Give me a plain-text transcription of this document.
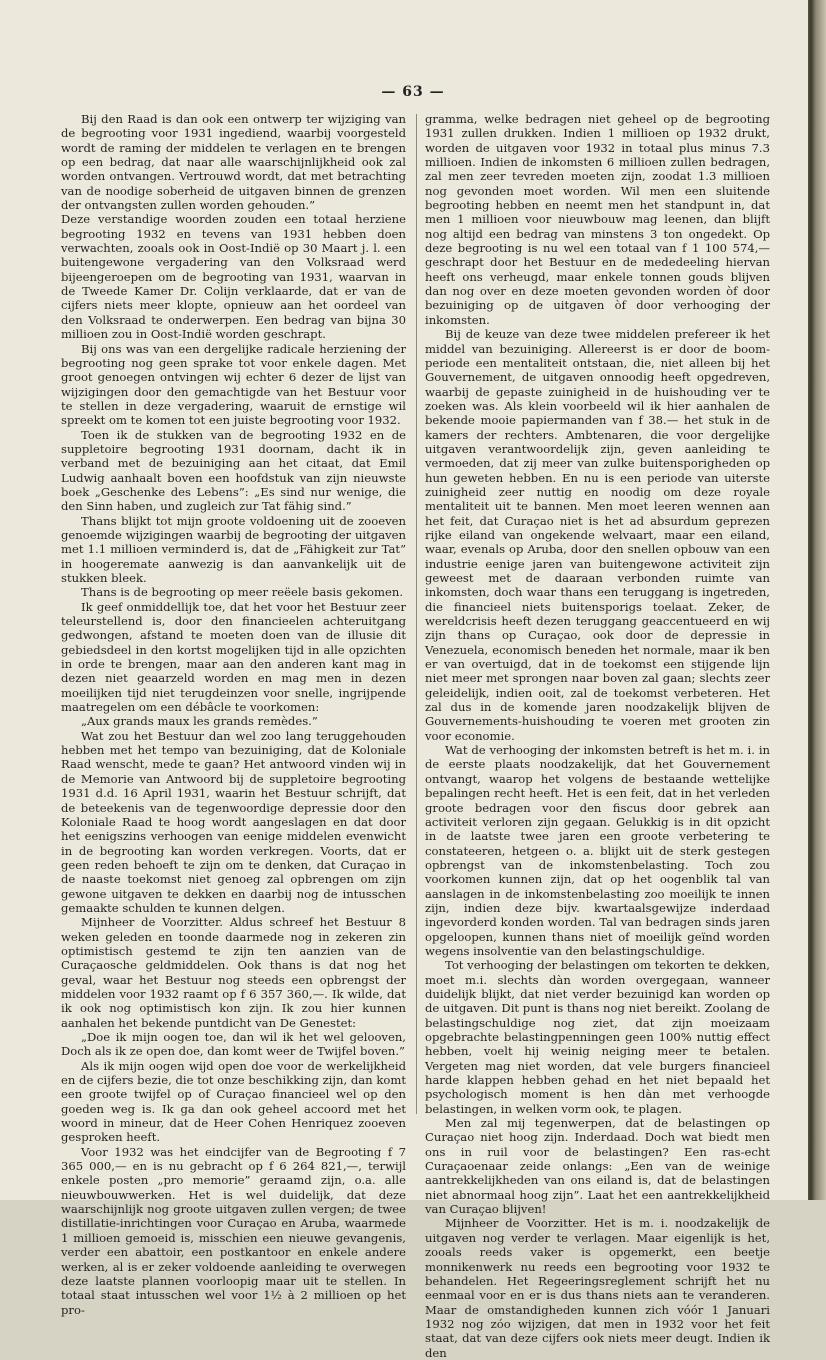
— 63 —

Bij den Raad is dan ook een ontwerp ter wijziging van de begrooting voor 1931 ingediend, waarbij voorgesteld wordt de raming der middelen te verlagen en te brengen op een bedrag, dat naar alle waarschijnlijkheid ook zal worden ontvangen. Vertrouwd wordt, dat met betrachting van de noodige soberheid de uitgaven binnen de grenzen der ontvangsten zullen worden gehouden.”

Deze verstandige woorden zouden een totaal herziene begrooting 1932 en tevens van 1931 hebben doen verwachten, zooals ook in Oost-Indië op 30 Maart j. l. een buitengewone vergadering van den Volksraad werd bijeengeroepen om de begrooting van 1931, waarvan in de Tweede Kamer Dr. Colijn verklaarde, dat er van de cijfers niets meer klopte, opnieuw aan het oordeel van den Volksraad te onderwerpen. Een bedrag van bijna 30 millioen zou in Oost-Indië worden geschrapt.

Bij ons was van een dergelijke radicale herziening der begrooting nog geen sprake tot voor enkele dagen. Met groot genoegen ontvingen wij echter 6 dezer de lijst van wijzigingen door den gemachtigde van het Bestuur voor te stellen in deze vergadering, waaruit de ernstige wil spreekt om te komen tot een juiste begrooting voor 1932.

Toen ik de stukken van de begrooting 1932 en de suppletoire begrooting 1931 doornam, dacht ik in verband met de bezuiniging aan het citaat, dat Emil Ludwig aanhaalt boven een hoofdstuk van zijn nieuwste boek „Geschenke des Lebens”: „Es sind nur wenige, die den Sinn haben, und zugleich zur Tat fähig sind.”

Thans blijkt tot mijn groote voldoening uit de zooeven genoemde wijzigingen waarbij de begrooting der uitgaven met 1.1 millioen verminderd is, dat de „Fähigkeit zur Tat” in hoogeremate aanwezig is dan aanvankelijk uit de stukken bleek.

Thans is de begrooting op meer reëele basis gekomen.

Ik geef onmiddellijk toe, dat het voor het Bestuur zeer teleurstellend is, door den financieelen achteruitgang gedwongen, afstand te moeten doen van de illusie dit gebiedsdeel in den kortst mogelijken tijd in alle opzichten in orde te brengen, maar aan den anderen kant mag in dezen niet geaarzeld worden en mag men in dezen moeilijken tijd niet terugdeinzen voor snelle, ingrijpende maatregelen om een débâcle te voorkomen:

„Aux grands maux les grands remèdes.”

Wat zou het Bestuur dan wel zoo lang teruggehouden hebben met het tempo van bezuiniging, dat de Koloniale Raad wenscht, mede te gaan? Het antwoord vinden wij in de Memorie van Antwoord bij de suppletoire begrooting 1931 d.d. 16 April 1931, waarin het Bestuur schrijft, dat de beteekenis van de tegenwoordige depressie door den Koloniale Raad te hoog wordt aangeslagen en dat door het eenigszins verhoogen van eenige middelen evenwicht in de begrooting kan worden verkregen. Voorts, dat er geen reden behoeft te zijn om te denken, dat Curaçao in de naaste toekomst niet genoeg zal opbrengen om zijn gewone uitgaven te dekken en daarbij nog de intusschen gemaakte schulden te kunnen delgen.

Mijnheer de Voorzitter. Aldus schreef het Bestuur 8 weken geleden en toonde daarmede nog in zekeren zin optimistisch gestemd te zijn ten aanzien van de Curaçaosche geldmiddelen. Ook thans is dat nog het geval, waar het Bestuur nog steeds een opbrengst der middelen voor 1932 raamt op f 6 357 360,—. Ik wilde, dat ik ook nog optimistisch kon zijn. Ik zou hier kunnen aanhalen het bekende puntdicht van De Genestet:

„Doe ik mijn oogen toe, dan wil ik het wel gelooven, Doch als ik ze open doe, dan komt weer de Twijfel boven.”

Als ik mijn oogen wijd open doe voor de werkelijkheid en de cijfers bezie, die tot onze beschikking zijn, dan komt een groote twijfel op of Curaçao financieel wel op den goeden weg is. Ik ga dan ook geheel accoord met het woord in mineur, dat de Heer Cohen Henriquez zooeven gesproken heeft.

Voor 1932 was het eindcijfer van de Begrooting f 7 365 000,— en is nu gebracht op f 6 264 821,—, terwijl enkele posten „pro memorie” geraamd zijn, o.a. alle nieuwbouwwerken. Het is wel duidelijk, dat deze waarschijnlijk nog groote uitgaven zullen vergen; de twee distillatie-inrichtingen voor Curaçao en Aruba, waarmede 1 millioen gemoeid is, misschien een nieuwe gevangenis, verder een abattoir, een postkantoor en enkele andere werken, al is er zeker voldoende aanleiding te overwegen deze laatste plannen voorloopig maar uit te stellen. In totaal staat intusschen wel voor 1½ à 2 millioen op het pro-

gramma, welke bedragen niet geheel op de begrooting 1931 zullen drukken. Indien 1 millioen op 1932 drukt, worden de uitgaven voor 1932 in totaal plus minus 7.3 millioen. Indien de inkomsten 6 millioen zullen bedragen, zal men zeer tevreden moeten zijn, zoodat 1.3 millioen nog gevonden moet worden. Wil men een sluitende begrooting hebben en neemt men het standpunt in, dat men 1 millioen voor nieuwbouw mag leenen, dan blijft nog altijd een bedrag van minstens 3 ton ongedekt. Op deze begrooting is nu wel een totaal van f 1 100 574,— geschrapt door het Bestuur en de mededeeling hiervan heeft ons verheugd, maar enkele tonnen gouds blijven dan nog over en deze moeten gevonden worden òf door bezuiniging op de uitgaven òf door verhooging der inkomsten.

Bij de keuze van deze twee middelen prefereer ik het middel van bezuiniging. Allereerst is er door de boom-periode een mentaliteit ontstaan, die, niet alleen bij het Gouvernement, de uitgaven onnoodig heeft opgedreven, waarbij de gepaste zuinigheid in de huishouding ver te zoeken was. Als klein voorbeeld wil ik hier aanhalen de bekende mooie papiermanden van f 38.— het stuk in de kamers der rechters. Ambtenaren, die voor dergelijke uitgaven verantwoordelijk zijn, geven aanleiding te vermoeden, dat zij meer van zulke buitensporigheden op hun geweten hebben. En nu is een periode van uiterste zuinigheid zeer nuttig en noodig om deze royale mentaliteit uit te bannen. Men moet leeren wennen aan het feit, dat Curaçao niet is het ad absurdum geprezen rijke eiland van ongekende welvaart, maar een eiland, waar, evenals op Aruba, door den snellen opbouw van een industrie eenige jaren van buitengewone activiteit zijn geweest met de daaraan verbonden ruimte van inkomsten, doch waar thans een teruggang is ingetreden, die financieel niets buitensporigs toelaat. Zeker, de wereldcrisis heeft dezen teruggang geaccentueerd en wij zijn thans op Curaçao, ook door de depressie in Venezuela, economisch beneden het normale, maar ik ben er van overtuigd, dat in de toekomst een stijgende lijn niet meer met sprongen naar boven zal gaan; slechts zeer geleidelijk, indien ooit, zal de toekomst verbeteren. Het zal dus in de komende jaren noodzakelijk blijven de Gouvernements-huishouding te voeren met grooten zin voor economie.

Wat de verhooging der inkomsten betreft is het m. i. in de eerste plaats noodzakelijk, dat het Gouvernement ontvangt, waarop het volgens de bestaande wettelijke bepalingen recht heeft. Het is een feit, dat in het verleden groote bedragen voor den fiscus door gebrek aan activiteit verloren zijn gegaan. Gelukkig is in dit opzicht in de laatste twee jaren een groote verbetering te constateeren, hetgeen o. a. blijkt uit de sterk gestegen opbrengst van de inkomstenbelasting. Toch zou voorkomen kunnen zijn, dat op het oogenblik tal van aanslagen in de inkomstenbelasting zoo moeilijk te innen zijn, indien deze bijv. kwartaalsgewijze inderdaad ingevorderd konden worden. Tal van bedragen sinds jaren opgeloopen, kunnen thans niet of moeilijk geïnd worden wegens insolventie van den belastingschuldige.

Tot verhooging der belastingen om tekorten te dekken, moet m.i. slechts dàn worden overgegaan, wanneer duidelijk blijkt, dat niet verder bezuinigd kan worden op de uitgaven. Dit punt is thans nog niet bereikt. Zoolang de belastingschuldige nog ziet, dat zijn moeizaam opgebrachte belastingpenningen geen 100% nuttig effect hebben, voelt hij weinig neiging meer te betalen. Vergeten mag niet worden, dat vele burgers financieel harde klappen hebben gehad en het niet bepaald het psychologisch moment is hen dàn met verhoogde belastingen, in welken vorm ook, te plagen.

Men zal mij tegenwerpen, dat de belastingen op Curaçao niet hoog zijn. Inderdaad. Doch wat biedt men ons in ruil voor de belastingen? Een ras-echt Curaçaoenaar zeide onlangs: „Een van de weinige aantrekkelijkheden van ons eiland is, dat de belastingen niet abnormaal hoog zijn”. Laat het een aantrekkelijkheid van Curaçao blijven!

Mijnheer de Voorzitter. Het is m. i. noodzakelijk de uitgaven nog verder te verlagen. Maar eigenlijk is het, zooals reeds vaker is opgemerkt, een beetje monnikenwerk nu reeds een begrooting voor 1932 te behandelen. Het Regeeringsreglement schrijft het nu eenmaal voor en er is dus thans niets aan te veranderen. Maar de omstandigheden kunnen zich vóór 1 Januari 1932 nog zóo wijzigen, dat men in 1932 voor het feit staat, dat van deze cijfers ook niets meer deugt. Indien ik den
